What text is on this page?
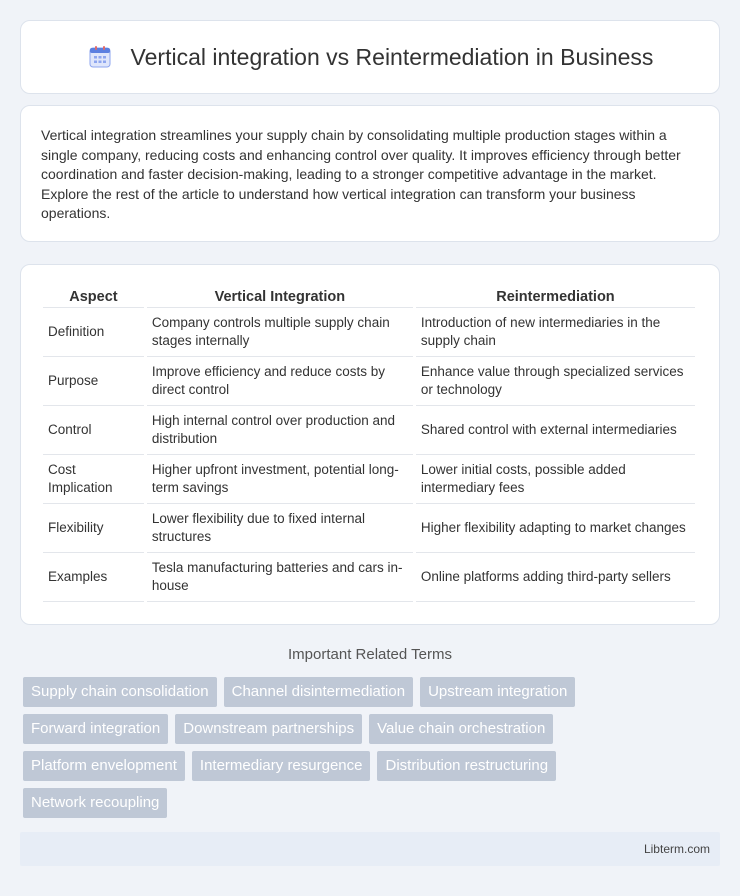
Vertical integration vs Reintermediation in Business

Vertical integration streamlines your supply chain by consolidating multiple production stages within a single company, reducing costs and enhancing control over quality. It improves efficiency through better coordination and faster decision-making, leading to a stronger competitive advantage in the market. Explore the rest of the article to understand how vertical integration can transform your business operations.

Aspect	Vertical Integration	Reintermediation
Definition	Company controls multiple supply chain stages internally	Introduction of new intermediaries in the supply chain
Purpose	Improve efficiency and reduce costs by direct control	Enhance value through specialized services or technology
Control	High internal control over production and distribution	Shared control with external intermediaries
Cost Implication	Higher upfront investment, potential long-term savings	Lower initial costs, possible added intermediary fees
Flexibility	Lower flexibility due to fixed internal structures	Higher flexibility adapting to market changes
Examples	Tesla manufacturing batteries and cars in-house	Online platforms adding third-party sellers
Important Related Terms
Supply chain consolidation	Channel disintermediation	Upstream integration
Forward integration	Downstream partnerships	Value chain orchestration
Platform envelopment	Intermediary resurgence	Distribution restructuring
Network recoupling
Libterm.com
